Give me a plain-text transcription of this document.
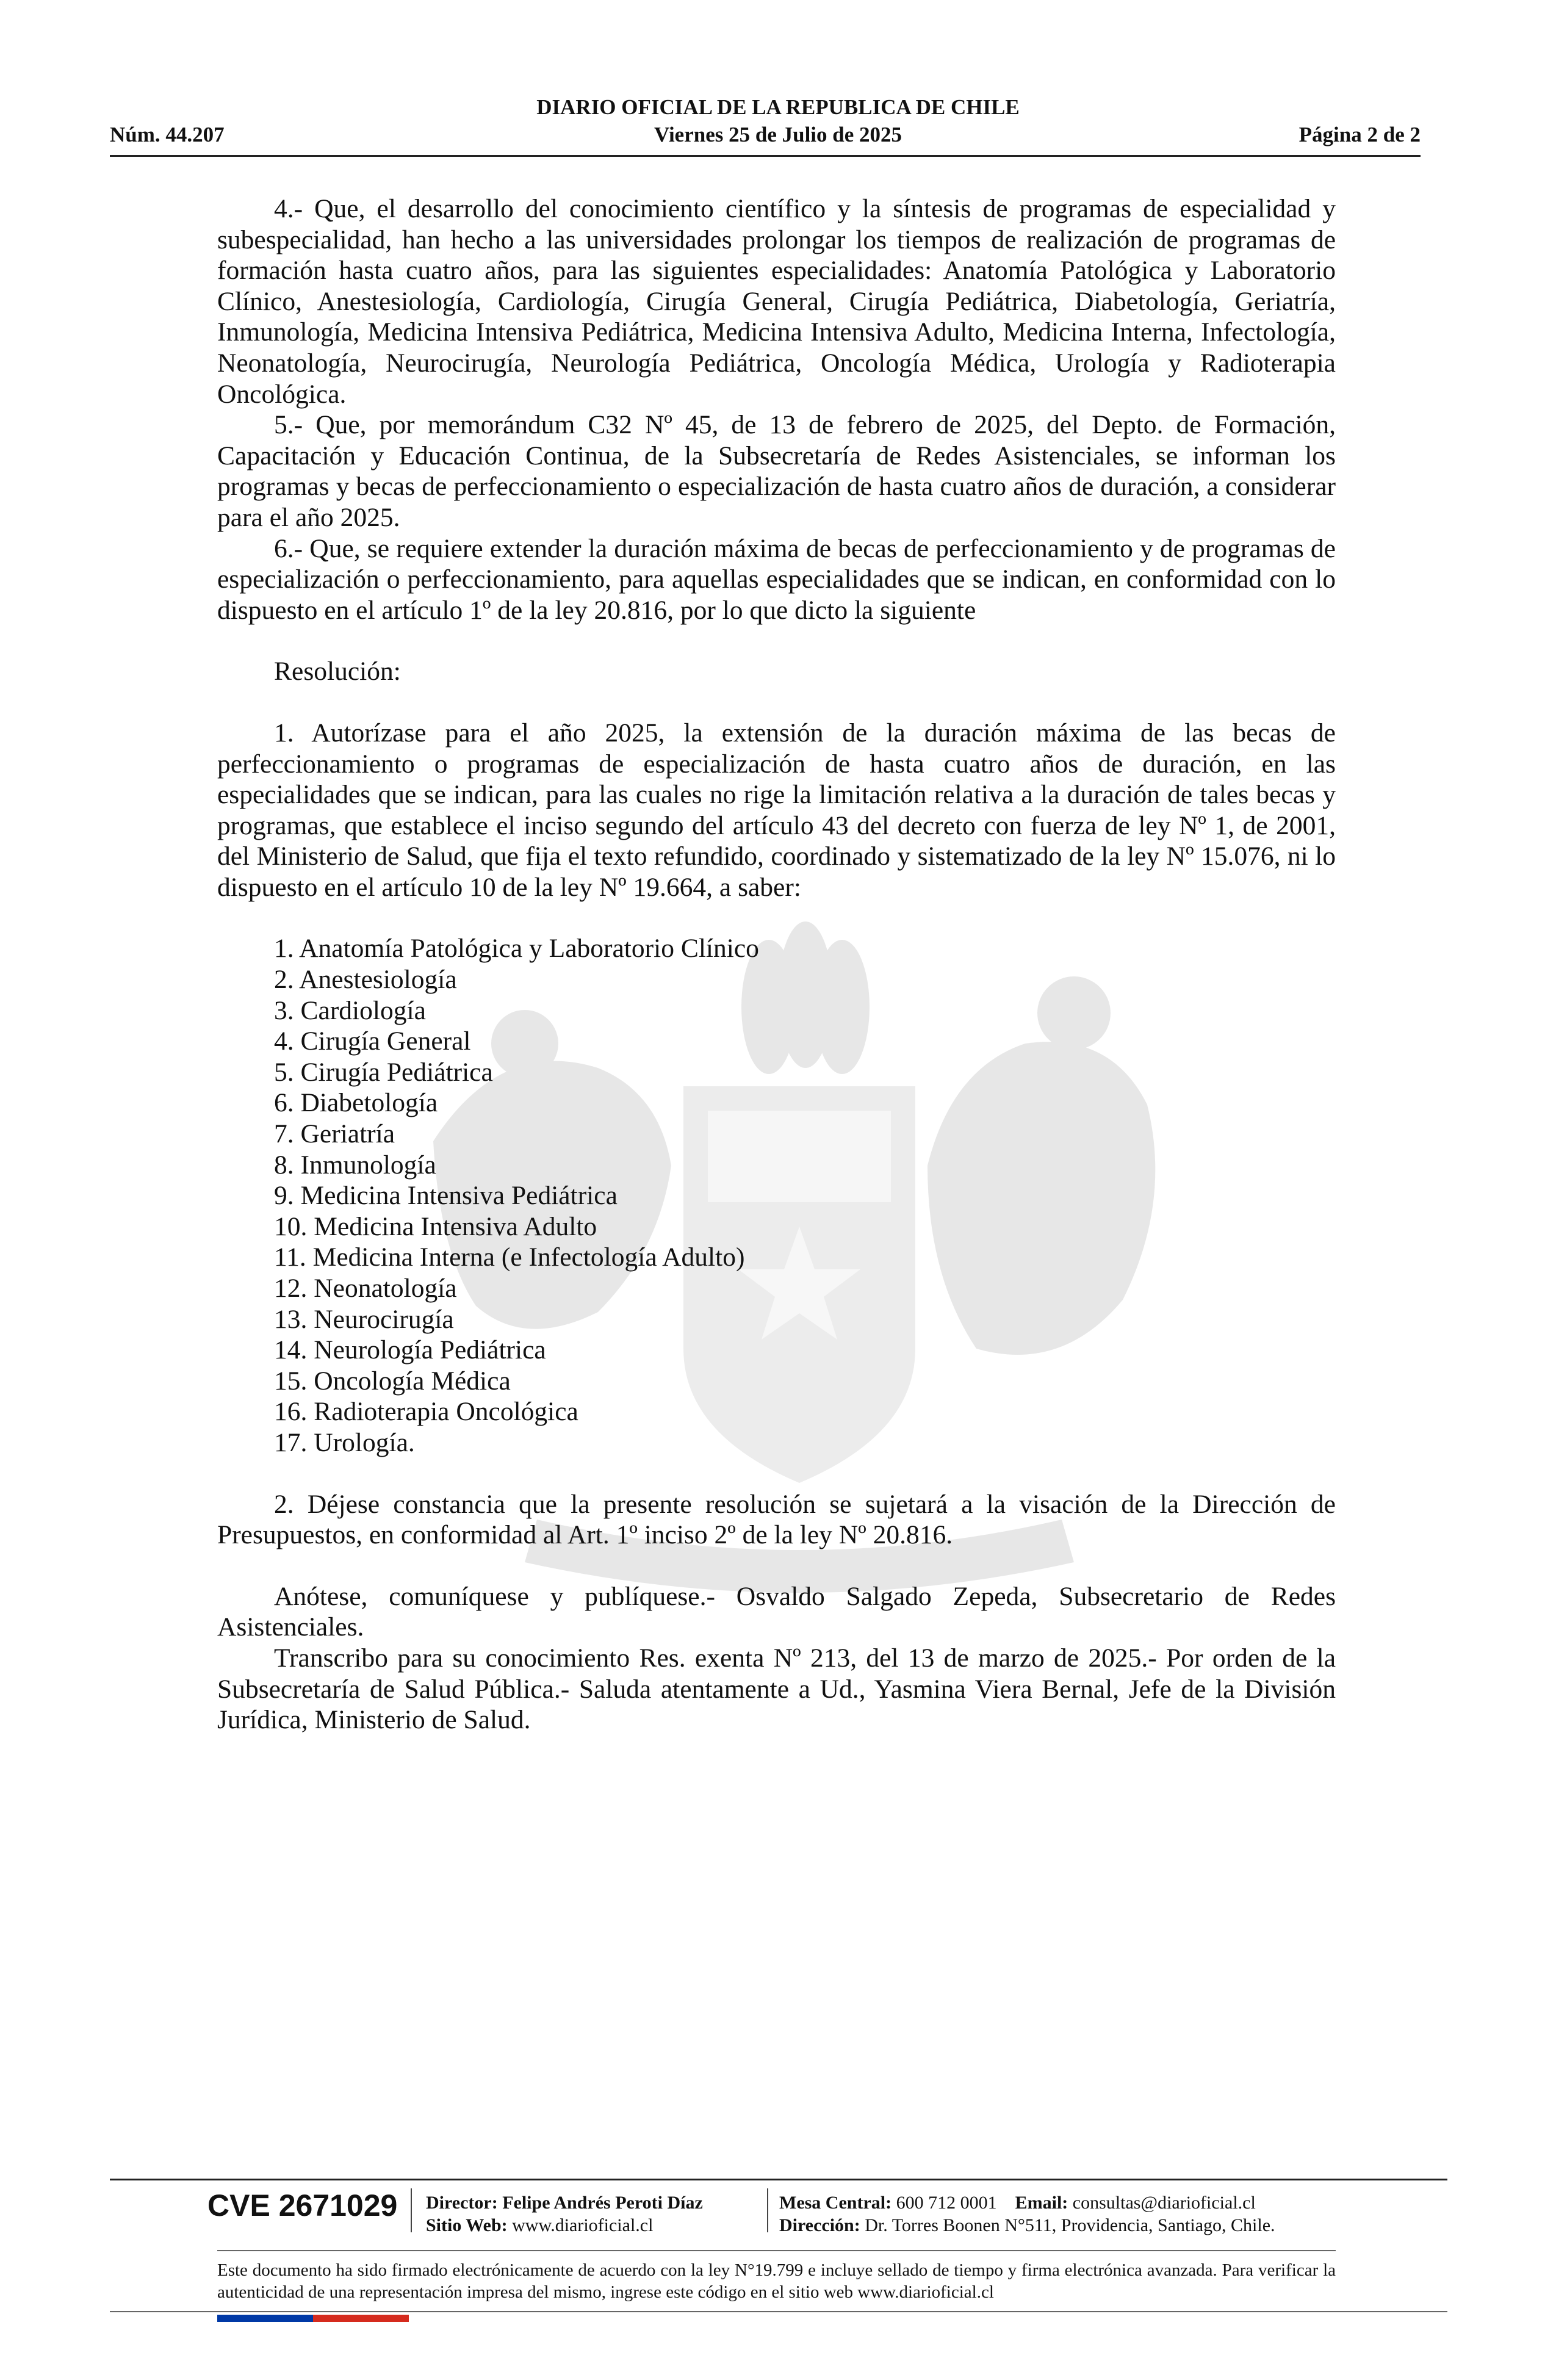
DIARIO OFICIAL DE LA REPUBLICA DE CHILE
Núm. 44.207	Viernes 25 de Julio de 2025	Página 2 de 2

4.- Que, el desarrollo del conocimiento científico y la síntesis de programas de especialidad y subespecialidad, han hecho a las universidades prolongar los tiempos de realización de programas de formación hasta cuatro años, para las siguientes especialidades: Anatomía Patológica y Laboratorio Clínico, Anestesiología, Cardiología, Cirugía General, Cirugía Pediátrica, Diabetología, Geriatría, Inmunología, Medicina Intensiva Pediátrica, Medicina Intensiva Adulto, Medicina Interna, Infectología, Neonatología, Neurocirugía, Neurología Pediátrica, Oncología Médica, Urología y Radioterapia Oncológica.

5.- Que, por memorándum C32 Nº 45, de 13 de febrero de 2025, del Depto. de Formación, Capacitación y Educación Continua, de la Subsecretaría de Redes Asistenciales, se informan los programas y becas de perfeccionamiento o especialización de hasta cuatro años de duración, a considerar para el año 2025.

6.- Que, se requiere extender la duración máxima de becas de perfeccionamiento y de programas de especialización o perfeccionamiento, para aquellas especialidades que se indican, en conformidad con lo dispuesto en el artículo 1º de la ley 20.816, por lo que dicto la siguiente

Resolución:

1. Autorízase para el año 2025, la extensión de la duración máxima de las becas de perfeccionamiento o programas de especialización de hasta cuatro años de duración, en las especialidades que se indican, para las cuales no rige la limitación relativa a la duración de tales becas y programas, que establece el inciso segundo del artículo 43 del decreto con fuerza de ley Nº 1, de 2001, del Ministerio de Salud, que fija el texto refundido, coordinado y sistematizado de la ley Nº 15.076, ni lo dispuesto en el artículo 10 de la ley Nº 19.664, a saber:

1. Anatomía Patológica y Laboratorio Clínico
2. Anestesiología
3. Cardiología
4. Cirugía General
5. Cirugía Pediátrica
6. Diabetología
7. Geriatría
8. Inmunología
9. Medicina Intensiva Pediátrica
10. Medicina Intensiva Adulto
11. Medicina Interna (e Infectología Adulto)
12. Neonatología
13. Neurocirugía
14. Neurología Pediátrica
15. Oncología Médica
16. Radioterapia Oncológica
17. Urología.

2. Déjese constancia que la presente resolución se sujetará a la visación de la Dirección de Presupuestos, en conformidad al Art. 1º inciso 2º de la ley Nº 20.816.

Anótese, comuníquese y publíquese.- Osvaldo Salgado Zepeda, Subsecretario de Redes Asistenciales.

Transcribo para su conocimiento Res. exenta Nº 213, del 13 de marzo de 2025.- Por orden de la Subsecretaría de Salud Pública.- Saluda atentamente a Ud., Yasmina Viera Bernal, Jefe de la División Jurídica, Ministerio de Salud.

CVE 2671029 Director: Felipe Andrés Peroti Díaz
Sitio Web: www.diarioficial.cl
Mesa Central: 600 712 0001 Email: consultas@diarioficial.cl
Dirección: Dr. Torres Boonen N°511, Providencia, Santiago, Chile.
Este documento ha sido firmado electrónicamente de acuerdo con la ley N°19.799 e incluye sellado de tiempo y firma electrónica avanzada. Para verificar la autenticidad de una representación impresa del mismo, ingrese este código en el sitio web www.diarioficial.cl
